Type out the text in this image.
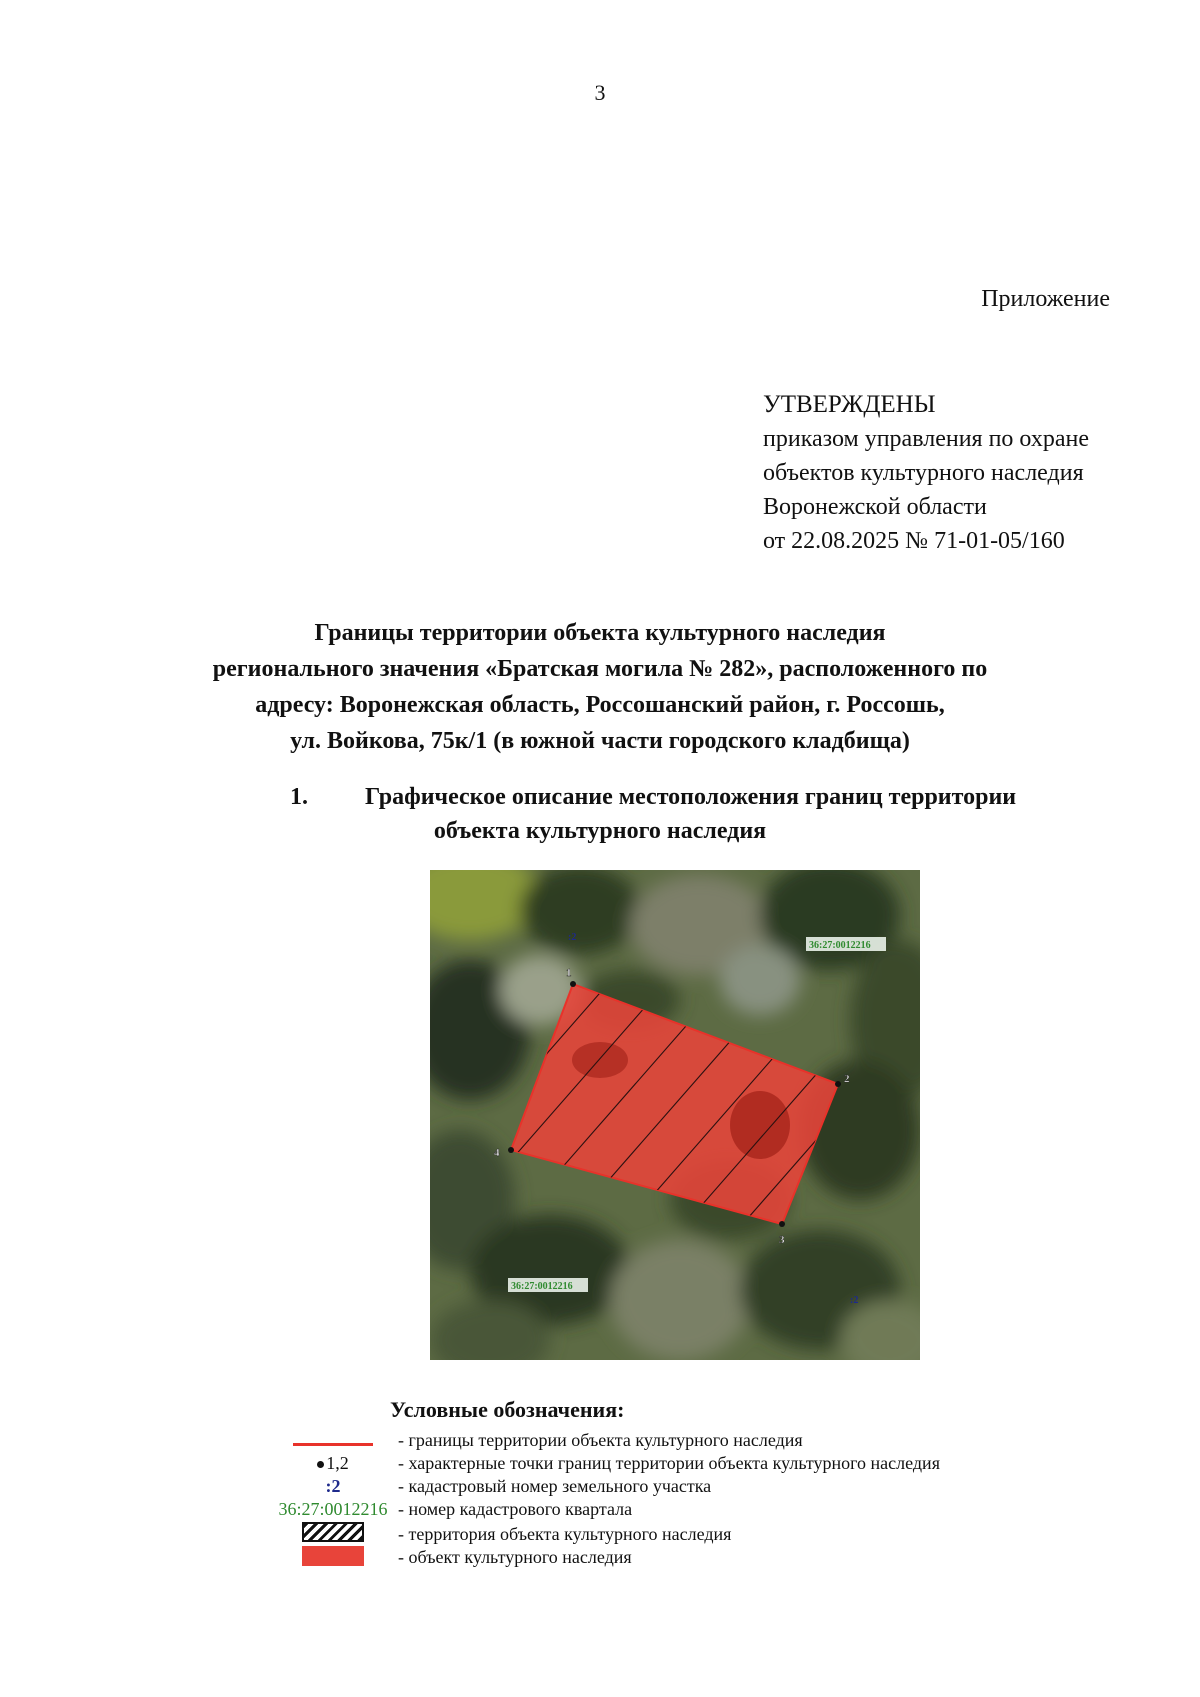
3
Приложение
УТВЕРЖДЕНЫ
приказом управления по охране
объектов культурного наследия
Воронежской области
от 22.08.2025 № 71-01-05/160
Границы территории объекта культурного наследия
регионального значения «Братская могила № 282», расположенного по
адресу: Воронежская область, Россошанский район, г. Россошь,
ул. Войкова, 75к/1 (в южной части городского кладбища)
1. Графическое описание местоположения границ территории
объекта культурного наследия
1
2
3
4
:2
:2
36:27:0012216
36:27:0012216
Условные обозначения:
- границы территории объекта культурного наследия
1,2	- характерные точки границ территории объекта культурного наследия
:2	- кадастровый номер земельного участка
36:27:0012216 - номер кадастрового квартала
- территория объекта культурного наследия
- объект культурного наследия
